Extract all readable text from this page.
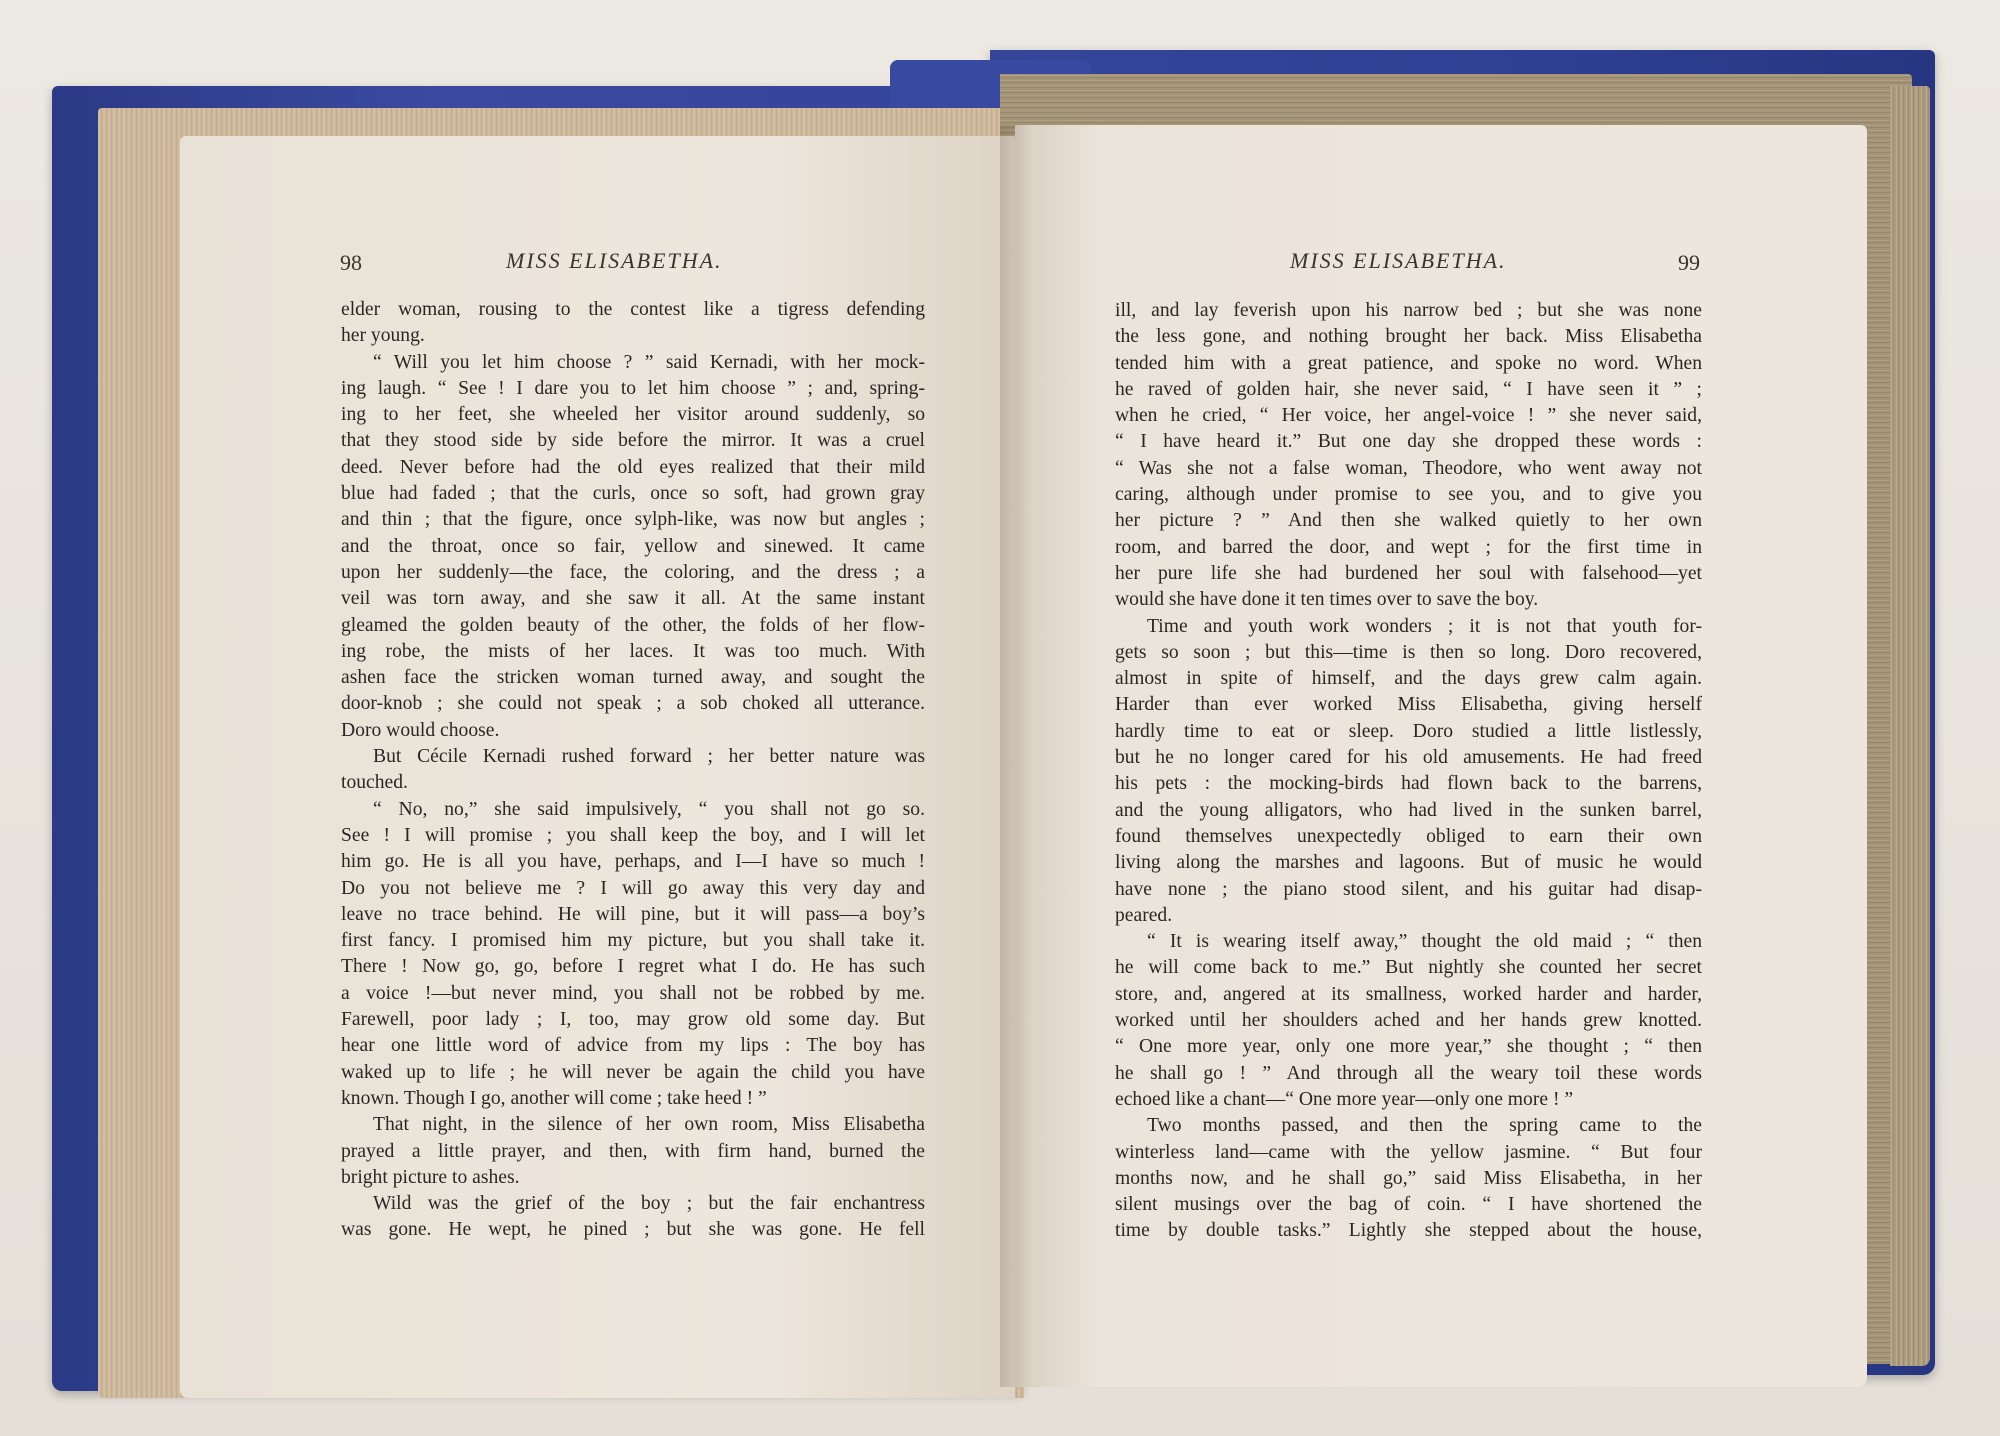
98	MISS ELISABETHA.	MISS ELISABETHA.	99
elder woman, rousing to the contest like a tigress defending
her young.
“ Will you let him choose ? ” said Kernadi, with her mock-
ing laugh. “ See ! I dare you to let him choose ” ; and, spring-
ing to her feet, she wheeled her visitor around suddenly, so
that they stood side by side before the mirror. It was a cruel
deed. Never before had the old eyes realized that their mild
blue had faded ; that the curls, once so soft, had grown gray
and thin ; that the figure, once sylph-like, was now but angles ;
and the throat, once so fair, yellow and sinewed. It came
upon her suddenly—the face, the coloring, and the dress ; a
veil was torn away, and she saw it all. At the same instant
gleamed the golden beauty of the other, the folds of her flow-
ing robe, the mists of her laces. It was too much. With
ashen face the stricken woman turned away, and sought the
door-knob ; she could not speak ; a sob choked all utterance.
Doro would choose.
But Cécile Kernadi rushed forward ; her better nature was
touched.
“ No, no,” she said impulsively, “ you shall not go so.
See ! I will promise ; you shall keep the boy, and I will let
him go. He is all you have, perhaps, and I—I have so much !
Do you not believe me ? I will go away this very day and
leave no trace behind. He will pine, but it will pass—a boy’s
first fancy. I promised him my picture, but you shall take it.
There ! Now go, go, before I regret what I do. He has such
a voice !—but never mind, you shall not be robbed by me.
Farewell, poor lady ; I, too, may grow old some day. But
hear one little word of advice from my lips : The boy has
waked up to life ; he will never be again the child you have
known. Though I go, another will come ; take heed ! ”
That night, in the silence of her own room, Miss Elisabetha
prayed a little prayer, and then, with firm hand, burned the
bright picture to ashes.
Wild was the grief of the boy ; but the fair enchantress
was gone. He wept, he pined ; but she was gone. He fell
ill, and lay feverish upon his narrow bed ; but she was none
the less gone, and nothing brought her back. Miss Elisabetha
tended him with a great patience, and spoke no word. When
he raved of golden hair, she never said, “ I have seen it ” ;
when he cried, “ Her voice, her angel-voice ! ” she never said,
“ I have heard it.” But one day she dropped these words :
“ Was she not a false woman, Theodore, who went away not
caring, although under promise to see you, and to give you
her picture ? ” And then she walked quietly to her own
room, and barred the door, and wept ; for the first time in
her pure life she had burdened her soul with falsehood—yet
would she have done it ten times over to save the boy.
Time and youth work wonders ; it is not that youth for-
gets so soon ; but this—time is then so long. Doro recovered,
almost in spite of himself, and the days grew calm again.
Harder than ever worked Miss Elisabetha, giving herself
hardly time to eat or sleep. Doro studied a little listlessly,
but he no longer cared for his old amusements. He had freed
his pets : the mocking-birds had flown back to the barrens,
and the young alligators, who had lived in the sunken barrel,
found themselves unexpectedly obliged to earn their own
living along the marshes and lagoons. But of music he would
have none ; the piano stood silent, and his guitar had disap-
peared.
“ It is wearing itself away,” thought the old maid ; “ then
he will come back to me.” But nightly she counted her secret
store, and, angered at its smallness, worked harder and harder,
worked until her shoulders ached and her hands grew knotted.
“ One more year, only one more year,” she thought ; “ then
he shall go ! ” And through all the weary toil these words
echoed like a chant—“ One more year—only one more ! ”
Two months passed, and then the spring came to the
winterless land—came with the yellow jasmine. “ But four
months now, and he shall go,” said Miss Elisabetha, in her
silent musings over the bag of coin. “ I have shortened the
time by double tasks.” Lightly she stepped about the house,
